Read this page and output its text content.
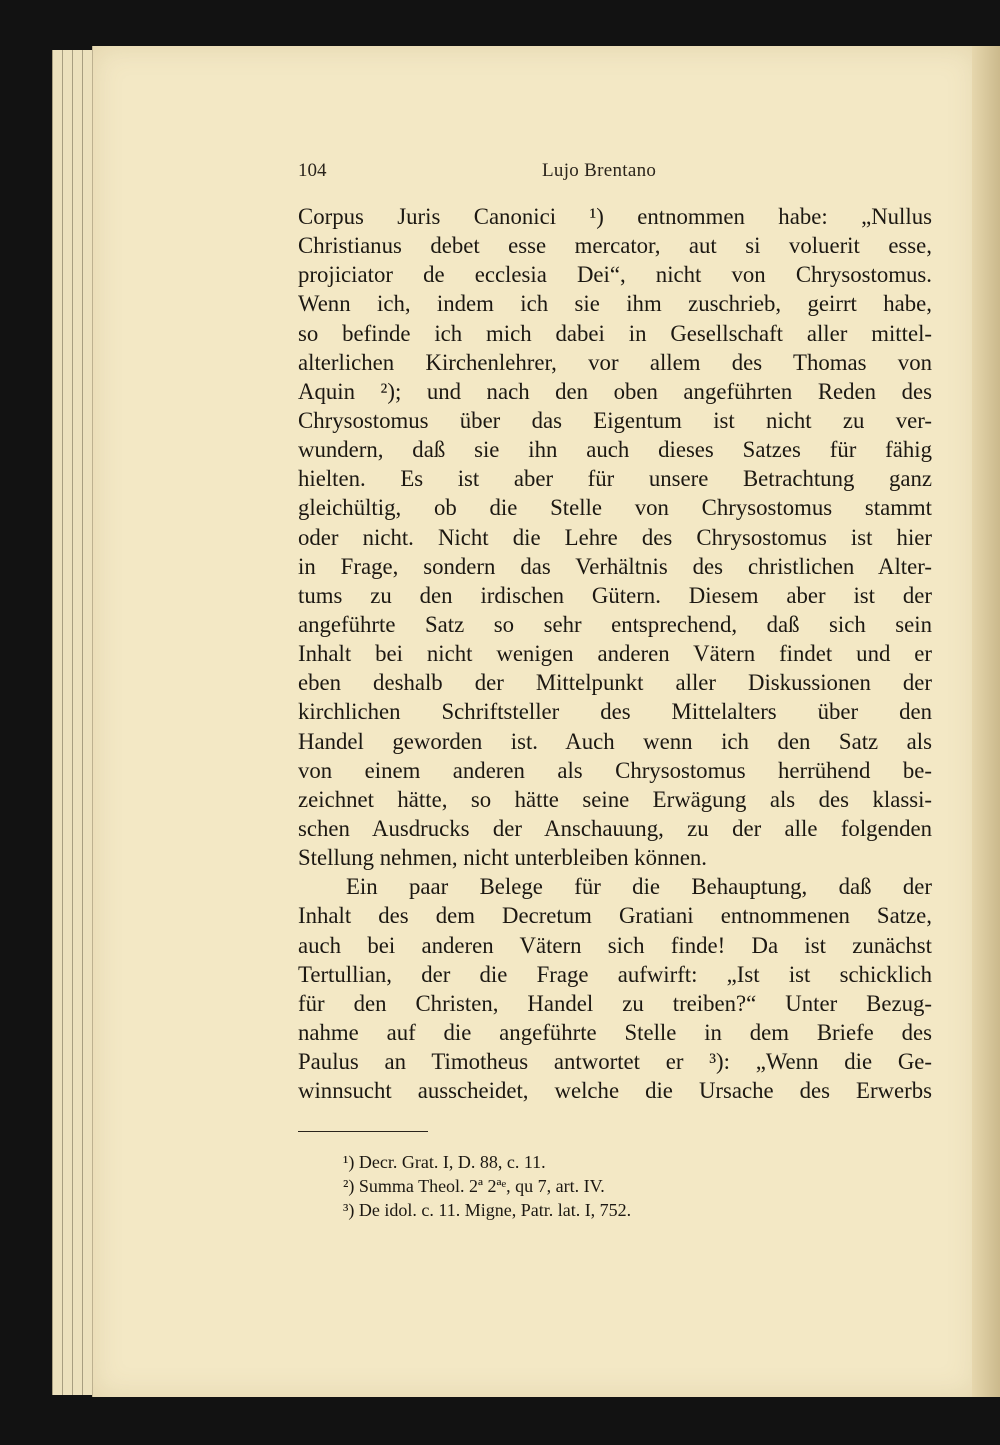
104	Lujo Brentano
Corpus Juris Canonici ¹) entnommen habe: „Nullus
Christianus debet esse mercator, aut si voluerit esse,
projiciator de ecclesia Dei“, nicht von Chrysostomus.
Wenn ich, indem ich sie ihm zuschrieb, geirrt habe,
so befinde ich mich dabei in Gesellschaft aller mittel-
alterlichen Kirchenlehrer, vor allem des Thomas von
Aquin ²); und nach den oben angeführten Reden des
Chrysostomus über das Eigentum ist nicht zu ver-
wundern, daß sie ihn auch dieses Satzes für fähig
hielten. Es ist aber für unsere Betrachtung ganz
gleichültig, ob die Stelle von Chrysostomus stammt
oder nicht. Nicht die Lehre des Chrysostomus ist hier
in Frage, sondern das Verhältnis des christlichen Alter-
tums zu den irdischen Gütern. Diesem aber ist der
angeführte Satz so sehr entsprechend, daß sich sein
Inhalt bei nicht wenigen anderen Vätern findet und er
eben deshalb der Mittelpunkt aller Diskussionen der
kirchlichen Schriftsteller des Mittelalters über den
Handel geworden ist. Auch wenn ich den Satz als
von einem anderen als Chrysostomus herrühend be-
zeichnet hätte, so hätte seine Erwägung als des klassi-
schen Ausdrucks der Anschauung, zu der alle folgenden
Stellung nehmen, nicht unterbleiben können.
Ein paar Belege für die Behauptung, daß der
Inhalt des dem Decretum Gratiani entnommenen Satze,
auch bei anderen Vätern sich finde! Da ist zunächst
Tertullian, der die Frage aufwirft: „Ist ist schicklich
für den Christen, Handel zu treiben?“ Unter Bezug-
nahme auf die angeführte Stelle in dem Briefe des
Paulus an Timotheus antwortet er ³): „Wenn die Ge-
winnsucht ausscheidet, welche die Ursache des Erwerbs
¹) Decr. Grat. I, D. 88, c. 11.
²) Summa Theol. 2ª 2ªᵉ, qu 7, art. IV.
³) De idol. c. 11. Migne, Patr. lat. I, 752.
